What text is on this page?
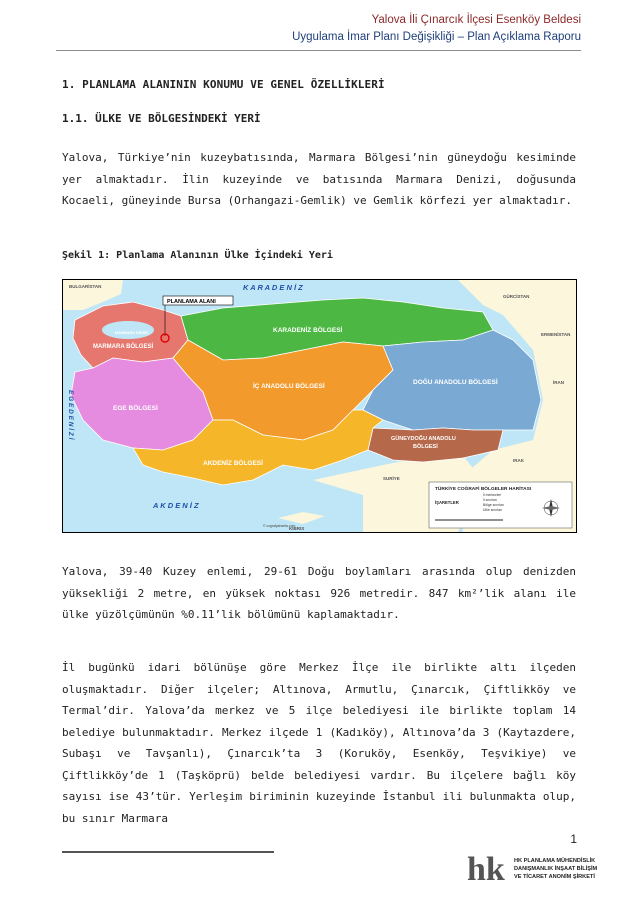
Yalova İli Çınarcık İlçesi Esenköy Beldesi
Uygulama İmar Planı Değişikliği – Plan Açıklama Raporu
1. PLANLAMA ALANININ KONUMU VE GENEL ÖZELLİKLERİ
1.1. ÜLKE VE BÖLGESİNDEKİ YERİ

Yalova, Türkiye’nin kuzeybatısında, Marmara Bölgesi’nin güneydoğu kesiminde yer almaktadır. İlin kuzeyinde ve batısında Marmara Denizi, doğusunda Kocaeli, güneyinde Bursa (Orhangazi-Gemlik) ve Gemlik körfezi yer almaktadır.

Şekil 1: Planlama Alanının Ülke İçindeki Yeri
K A R A D E N İ Z
A K D E N İ Z
E G E D E N İ Z İ
MARMARA BÖLGESİ
KARADENİZ BÖLGESİ
EGE BÖLGESİ
İÇ ANADOLU BÖLGESİ
DOĞU ANADOLU BÖLGESİ
GÜNEYDOĞU ANADOLU
BÖLGESİ
AKDENİZ BÖLGESİ
BULGARİSTAN
GÜRCİSTAN
ERMENİSTAN
İRAN
IRAK
SURİYE
KIBRIS
PLANLAMA ALANI
MARMARA DENİZİ
TÜRKİYE COĞRAFİ BÖLGELER HARİTASI
İŞARETLER
İl merkezleri
İl sınırları
Bölge sınırları
Ülke sınırları
© cografyaharita.com

Yalova, 39-40 Kuzey enlemi, 29-61 Doğu boylamları arasında olup denizden yüksekliği 2 metre, en yüksek noktası 926 metredir. 847 km²’lik alanı ile ülke yüzölçümünün %0.11’lik bölümünü kaplamaktadır.

İl bugünkü idari bölünüşe göre Merkez İlçe ile birlikte altı ilçeden oluşmaktadır. Diğer ilçeler; Altınova, Armutlu, Çınarcık, Çiftlikköy ve Termal’dir. Yalova’da merkez ve 5 ilçe belediyesi ile birlikte toplam 14 belediye bulunmaktadır. Merkez ilçede 1 (Kadıköy), Altınova’da 3 (Kaytazdere, Subaşı ve Tavşanlı), Çınarcık’ta 3 (Koruköy, Esenköy, Teşvikiye) ve Çiftlikköy’de 1 (Taşköprü) belde belediyesi vardır. Bu ilçelere bağlı köy sayısı ise 43’tür. Yerleşim biriminin kuzeyinde İstanbul ili bulunmakta olup, bu sınır Marmara

1
hk HK PLANLAMA MÜHENDİSLİK
DANIŞMANLIK İNŞAAT BİLİŞİM
VE TİCARET ANONİM ŞİRKETİ
